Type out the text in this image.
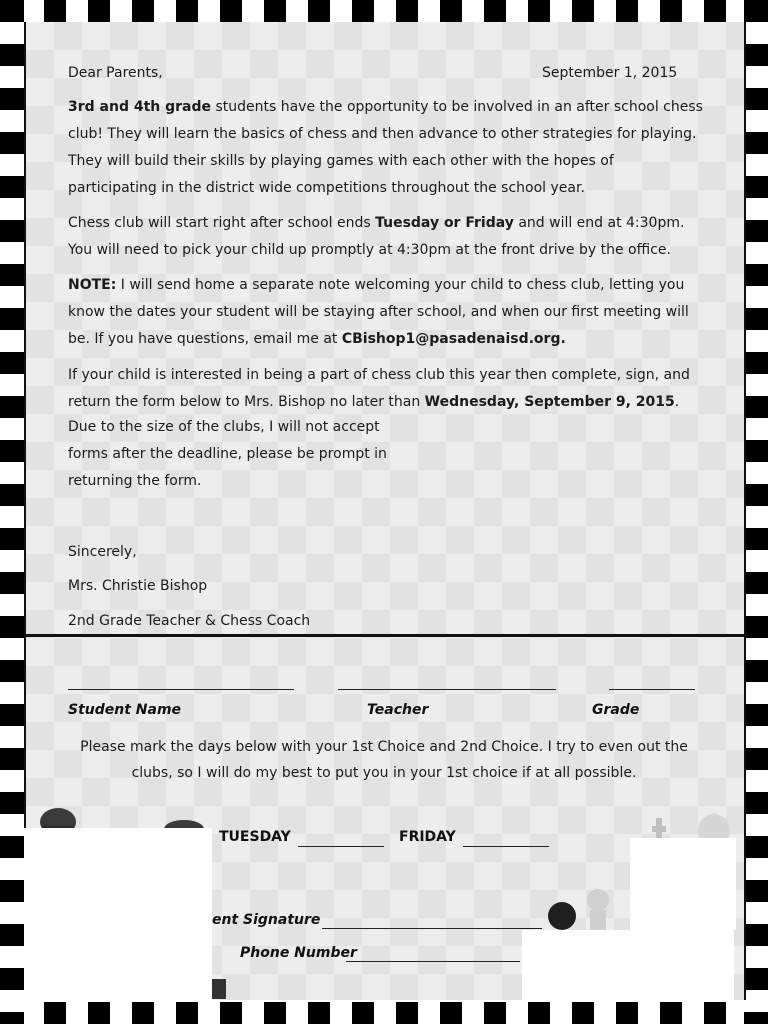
Dear Parents,	September 1, 2015

3rd and 4th grade students have the opportunity to be involved in an after school chess club! They will learn the basics of chess and then advance to other strategies for playing. They will build their skills by playing games with each other with the hopes of participating in the district wide competitions throughout the school year.

Chess club will start right after school ends Tuesday or Friday and will end at 4:30pm. You will need to pick your child up promptly at 4:30pm at the front drive by the office.

NOTE: I will send home a separate note welcoming your child to chess club, letting you know the dates your student will be staying after school, and when our first meeting will be. If you have questions, email me at CBishop1@pasadenaisd.org.

If your child is interested in being a part of chess club this year then complete, sign, and return the form below to Mrs. Bishop no later than Wednesday, September 9, 2015.

Due to the size of the clubs, I will not accept
forms after the deadline, please be prompt in
returning the form.
Sincerely,
Mrs. Christie Bishop
2nd Grade Teacher & Chess Coach
Student Name	Teacher	Grade
Please mark the days below with your 1st Choice and 2nd Choice. I try to even out the clubs, so I will do my best to put you in your 1st choice if at all possible.
TUESDAY	FRIDAY
ent Signature
Phone Number
